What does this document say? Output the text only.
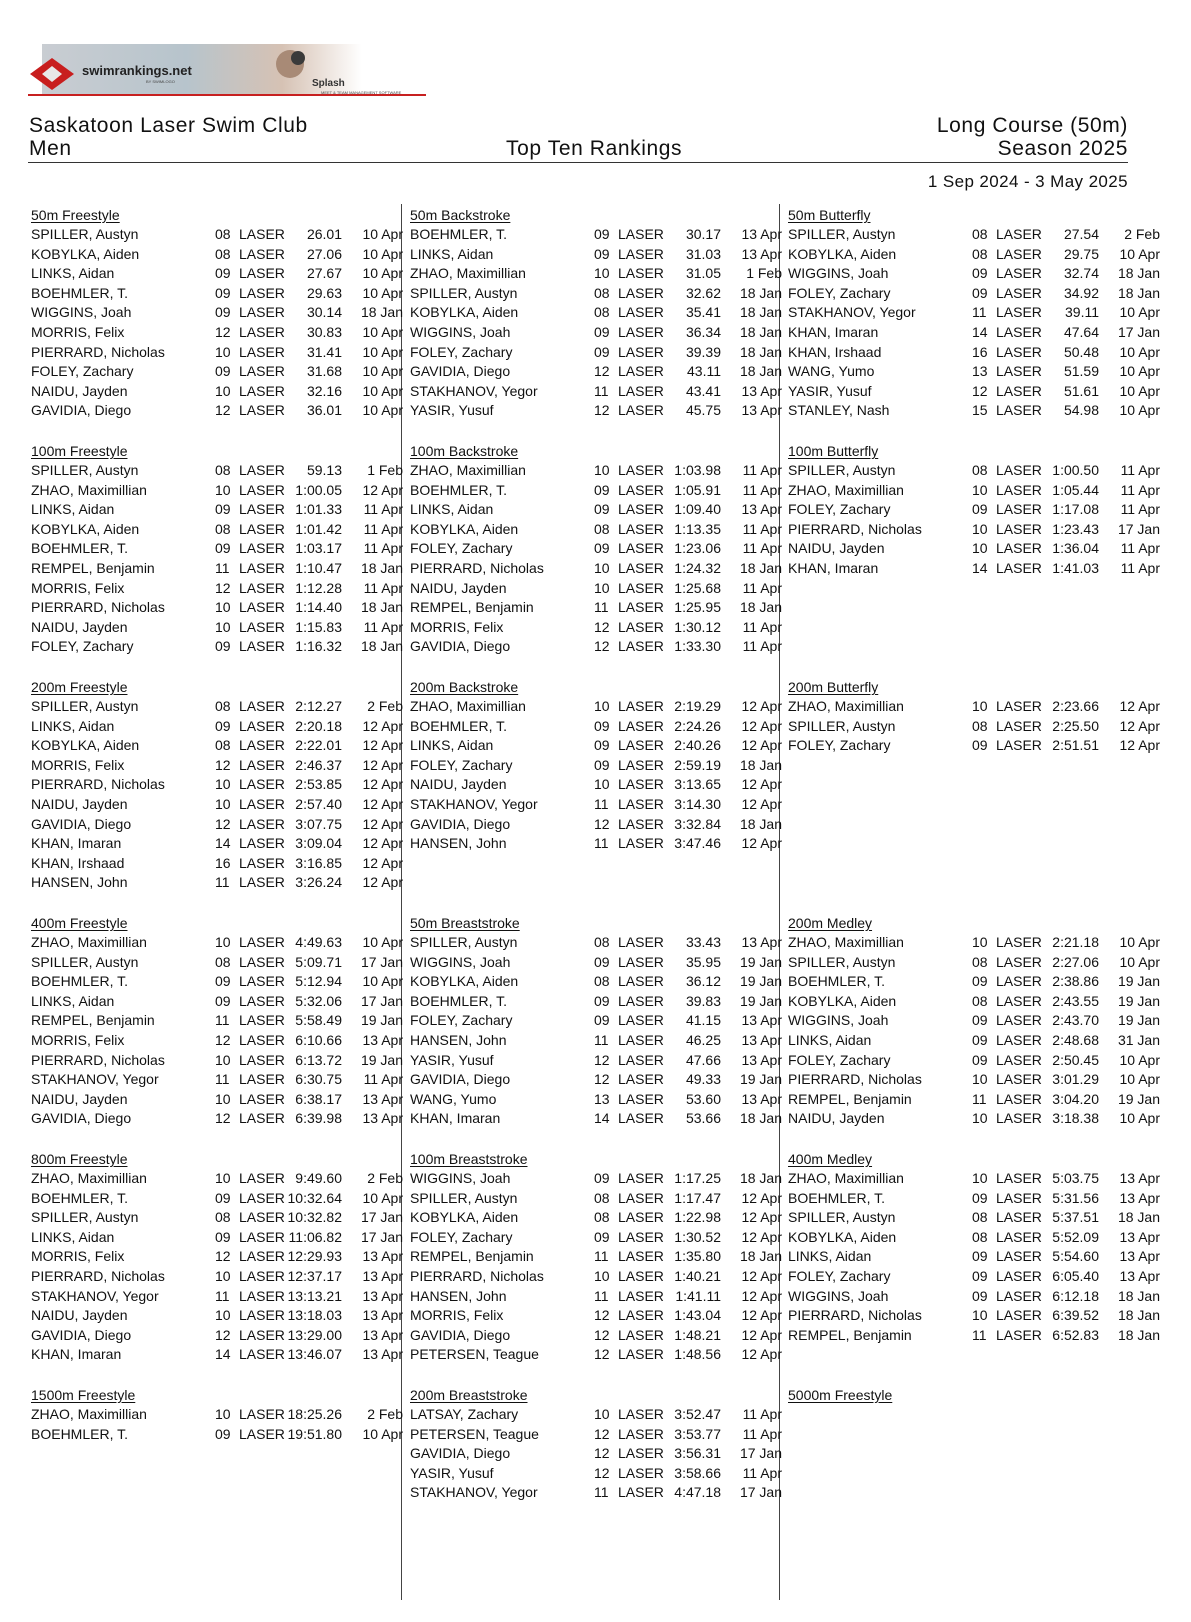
swimrankings.net
BY SWIMLOGO	Splash
MEET & TEAM MANAGEMENT SOFTWARE
Saskatoon Laser Swim Club
Men	Top Ten Rankings
Long Course (50m)
Season 2025
1 Sep 2024 - 3 May 2025
50m Freestyle
SPILLER, Austyn	08 LASER 26.01 10 Apr
KOBYLKA, Aiden	08 LASER 27.06 10 Apr
LINKS, Aidan	09 LASER 27.67 10 Apr
BOEHMLER, T.	09 LASER 29.63 10 Apr
WIGGINS, Joah	09 LASER 30.14 18 Jan
MORRIS, Felix	12 LASER 30.83 10 Apr
PIERRARD, Nicholas	10 LASER 31.41 10 Apr
FOLEY, Zachary	09 LASER 31.68 10 Apr
NAIDU, Jayden	10 LASER 32.16 10 Apr
GAVIDIA, Diego	12 LASER 36.01 10 Apr
100m Freestyle
SPILLER, Austyn	08 LASER 59.13 1 Feb
ZHAO, Maximillian	10 LASER 1:00.05 12 Apr
LINKS, Aidan	09 LASER 1:01.33 11 Apr
KOBYLKA, Aiden	08 LASER 1:01.42 11 Apr
BOEHMLER, T.	09 LASER 1:03.17 11 Apr
REMPEL, Benjamin	11 LASER 1:10.47 18 Jan
MORRIS, Felix	12 LASER 1:12.28 11 Apr
PIERRARD, Nicholas	10 LASER 1:14.40 18 Jan
NAIDU, Jayden	10 LASER 1:15.83 11 Apr
FOLEY, Zachary	09 LASER 1:16.32 18 Jan
200m Freestyle
SPILLER, Austyn	08 LASER 2:12.27 2 Feb
LINKS, Aidan	09 LASER 2:20.18 12 Apr
KOBYLKA, Aiden	08 LASER 2:22.01 12 Apr
MORRIS, Felix	12 LASER 2:46.37 12 Apr
PIERRARD, Nicholas	10 LASER 2:53.85 12 Apr
NAIDU, Jayden	10 LASER 2:57.40 12 Apr
GAVIDIA, Diego	12 LASER 3:07.75 12 Apr
KHAN, Imaran	14 LASER 3:09.04 12 Apr
KHAN, Irshaad	16 LASER 3:16.85 12 Apr
HANSEN, John	11 LASER 3:26.24 12 Apr
400m Freestyle
ZHAO, Maximillian	10 LASER 4:49.63 10 Apr
SPILLER, Austyn	08 LASER 5:09.71 17 Jan
BOEHMLER, T.	09 LASER 5:12.94 10 Apr
LINKS, Aidan	09 LASER 5:32.06 17 Jan
REMPEL, Benjamin	11 LASER 5:58.49 19 Jan
MORRIS, Felix	12 LASER 6:10.66 13 Apr
PIERRARD, Nicholas	10 LASER 6:13.72 19 Jan
STAKHANOV, Yegor	11 LASER 6:30.75 11 Apr
NAIDU, Jayden	10 LASER 6:38.17 13 Apr
GAVIDIA, Diego	12 LASER 6:39.98 13 Apr
800m Freestyle
ZHAO, Maximillian	10 LASER 9:49.60 2 Feb
BOEHMLER, T.	09 LASER 10:32.64 10 Apr
SPILLER, Austyn	08 LASER 10:32.82 17 Jan
LINKS, Aidan	09 LASER 11:06.82 17 Jan
MORRIS, Felix	12 LASER 12:29.93 13 Apr
PIERRARD, Nicholas	10 LASER 12:37.17 13 Apr
STAKHANOV, Yegor	11 LASER 13:13.21 13 Apr
NAIDU, Jayden	10 LASER 13:18.03 13 Apr
GAVIDIA, Diego	12 LASER 13:29.00 13 Apr
KHAN, Imaran	14 LASER 13:46.07 13 Apr
1500m Freestyle
ZHAO, Maximillian	10 LASER 18:25.26 2 Feb
BOEHMLER, T.	09 LASER 19:51.80 10 Apr
50m Backstroke
BOEHMLER, T.	09 LASER 30.17 13 Apr
LINKS, Aidan	09 LASER 31.03 13 Apr
ZHAO, Maximillian	10 LASER 31.05 1 Feb
SPILLER, Austyn	08 LASER 32.62 18 Jan
KOBYLKA, Aiden	08 LASER 35.41 18 Jan
WIGGINS, Joah	09 LASER 36.34 18 Jan
FOLEY, Zachary	09 LASER 39.39 18 Jan
GAVIDIA, Diego	12 LASER 43.11 18 Jan
STAKHANOV, Yegor	11 LASER 43.41 13 Apr
YASIR, Yusuf	12 LASER 45.75 13 Apr
100m Backstroke
ZHAO, Maximillian	10 LASER 1:03.98 11 Apr
BOEHMLER, T.	09 LASER 1:05.91 11 Apr
LINKS, Aidan	09 LASER 1:09.40 13 Apr
KOBYLKA, Aiden	08 LASER 1:13.35 11 Apr
FOLEY, Zachary	09 LASER 1:23.06 11 Apr
PIERRARD, Nicholas	10 LASER 1:24.32 18 Jan
NAIDU, Jayden	10 LASER 1:25.68 11 Apr
REMPEL, Benjamin	11 LASER 1:25.95 18 Jan
MORRIS, Felix	12 LASER 1:30.12 11 Apr
GAVIDIA, Diego	12 LASER 1:33.30 11 Apr
200m Backstroke
ZHAO, Maximillian	10 LASER 2:19.29 12 Apr
BOEHMLER, T.	09 LASER 2:24.26 12 Apr
LINKS, Aidan	09 LASER 2:40.26 12 Apr
FOLEY, Zachary	09 LASER 2:59.19 18 Jan
NAIDU, Jayden	10 LASER 3:13.65 12 Apr
STAKHANOV, Yegor	11 LASER 3:14.30 12 Apr
GAVIDIA, Diego	12 LASER 3:32.84 18 Jan
HANSEN, John	11 LASER 3:47.46 12 Apr
50m Breaststroke
SPILLER, Austyn	08 LASER 33.43 13 Apr
WIGGINS, Joah	09 LASER 35.95 19 Jan
KOBYLKA, Aiden	08 LASER 36.12 19 Jan
BOEHMLER, T.	09 LASER 39.83 19 Jan
FOLEY, Zachary	09 LASER 41.15 13 Apr
HANSEN, John	11 LASER 46.25 13 Apr
YASIR, Yusuf	12 LASER 47.66 13 Apr
GAVIDIA, Diego	12 LASER 49.33 19 Jan
WANG, Yumo	13 LASER 53.60 13 Apr
KHAN, Imaran	14 LASER 53.66 18 Jan
100m Breaststroke
WIGGINS, Joah	09 LASER 1:17.25 18 Jan
SPILLER, Austyn	08 LASER 1:17.47 12 Apr
KOBYLKA, Aiden	08 LASER 1:22.98 12 Apr
FOLEY, Zachary	09 LASER 1:30.52 12 Apr
REMPEL, Benjamin	11 LASER 1:35.80 18 Jan
PIERRARD, Nicholas	10 LASER 1:40.21 12 Apr
HANSEN, John	11 LASER 1:41.11 12 Apr
MORRIS, Felix	12 LASER 1:43.04 12 Apr
GAVIDIA, Diego	12 LASER 1:48.21 12 Apr
PETERSEN, Teague	12 LASER 1:48.56 12 Apr
200m Breaststroke
LATSAY, Zachary	10 LASER 3:52.47 11 Apr
PETERSEN, Teague	12 LASER 3:53.77 11 Apr
GAVIDIA, Diego	12 LASER 3:56.31 17 Jan
YASIR, Yusuf	12 LASER 3:58.66 11 Apr
STAKHANOV, Yegor	11 LASER 4:47.18 17 Jan
50m Butterfly
SPILLER, Austyn	08 LASER 27.54 2 Feb
KOBYLKA, Aiden	08 LASER 29.75 10 Apr
WIGGINS, Joah	09 LASER 32.74 18 Jan
FOLEY, Zachary	09 LASER 34.92 18 Jan
STAKHANOV, Yegor	11 LASER 39.11 10 Apr
KHAN, Imaran	14 LASER 47.64 17 Jan
KHAN, Irshaad	16 LASER 50.48 10 Apr
WANG, Yumo	13 LASER 51.59 10 Apr
YASIR, Yusuf	12 LASER 51.61 10 Apr
STANLEY, Nash	15 LASER 54.98 10 Apr
100m Butterfly
SPILLER, Austyn	08 LASER 1:00.50 11 Apr
ZHAO, Maximillian	10 LASER 1:05.44 11 Apr
FOLEY, Zachary	09 LASER 1:17.08 11 Apr
PIERRARD, Nicholas	10 LASER 1:23.43 17 Jan
NAIDU, Jayden	10 LASER 1:36.04 11 Apr
KHAN, Imaran	14 LASER 1:41.03 11 Apr
200m Butterfly
ZHAO, Maximillian	10 LASER 2:23.66 12 Apr
SPILLER, Austyn	08 LASER 2:25.50 12 Apr
FOLEY, Zachary	09 LASER 2:51.51 12 Apr
200m Medley
ZHAO, Maximillian	10 LASER 2:21.18 10 Apr
SPILLER, Austyn	08 LASER 2:27.06 10 Apr
BOEHMLER, T.	09 LASER 2:38.86 19 Jan
KOBYLKA, Aiden	08 LASER 2:43.55 19 Jan
WIGGINS, Joah	09 LASER 2:43.70 19 Jan
LINKS, Aidan	09 LASER 2:48.68 31 Jan
FOLEY, Zachary	09 LASER 2:50.45 10 Apr
PIERRARD, Nicholas	10 LASER 3:01.29 10 Apr
REMPEL, Benjamin	11 LASER 3:04.20 19 Jan
NAIDU, Jayden	10 LASER 3:18.38 10 Apr
400m Medley
ZHAO, Maximillian	10 LASER 5:03.75 13 Apr
BOEHMLER, T.	09 LASER 5:31.56 13 Apr
SPILLER, Austyn	08 LASER 5:37.51 18 Jan
KOBYLKA, Aiden	08 LASER 5:52.09 13 Apr
LINKS, Aidan	09 LASER 5:54.60 13 Apr
FOLEY, Zachary	09 LASER 6:05.40 13 Apr
WIGGINS, Joah	09 LASER 6:12.18 18 Jan
PIERRARD, Nicholas	10 LASER 6:39.52 18 Jan
REMPEL, Benjamin	11 LASER 6:52.83 18 Jan
5000m Freestyle
